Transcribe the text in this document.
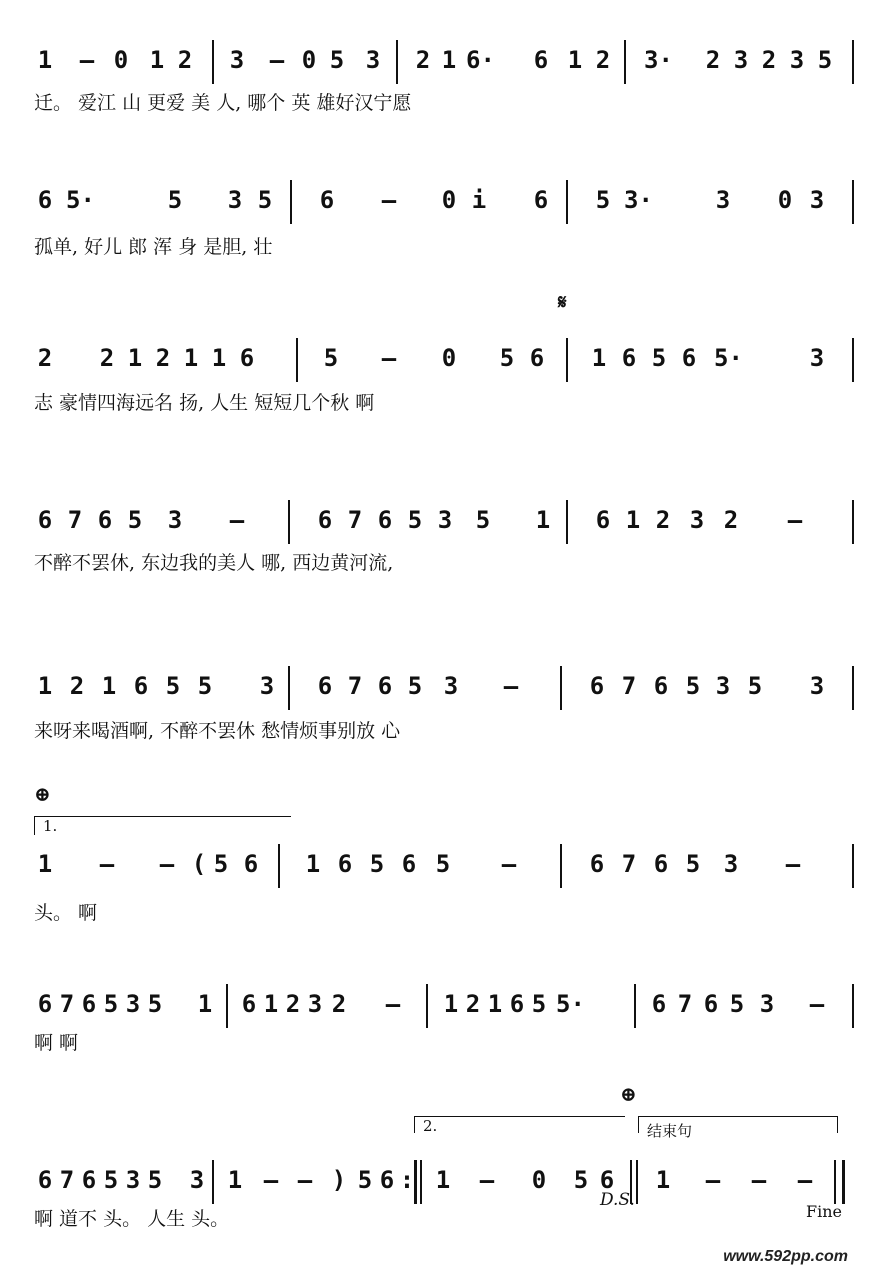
1 – 0 1 2 3 – 0 5 3 2 1 6· 6 1 2 3· 2 3 2 3 5
迁。 爱江 山 更爱 美 人, 哪个 英 雄好汉宁愿
6 5·	5 3 5 6 – 0 i 6 5 3·	3 0 3
孤单, 好儿 郎 浑 身 是胆, 壮
𝄋
2 2 1 2 1 1 6	5 – 0 5 6 1 6 5 6 5·	3
志 豪情四海远名 扬, 人生 短短几个秋 啊
6 7 6 5 3 –	6 7 6 5 3 5 1 6 1 2 3 2 –
不醉不罢休, 东边我的美人 哪, 西边黄河流,
1 2 1 6 5 5 3 6 7 6 5 3 –	6 7 6 5 3 5 3
来呀来喝酒啊, 不醉不罢休 愁情烦事别放 心
⊕
1.
1 – – ( 5 6 1 6 5 6 5 –	6 7 6 5 3 –
头。 啊
6 7 6 5 3 5 1 6 1 2 3 2 – 1 2 1 6 5 5·	6 7 6 5 3 –
啊 啊
⊕
2.	结束句
6 7 6 5 3 5 3 1 – – ) 5 6 : 1 – 0 5 6 1 – – –
啊 道不 头。 人生 头。
D.S.
Fine
www.592pp.com
